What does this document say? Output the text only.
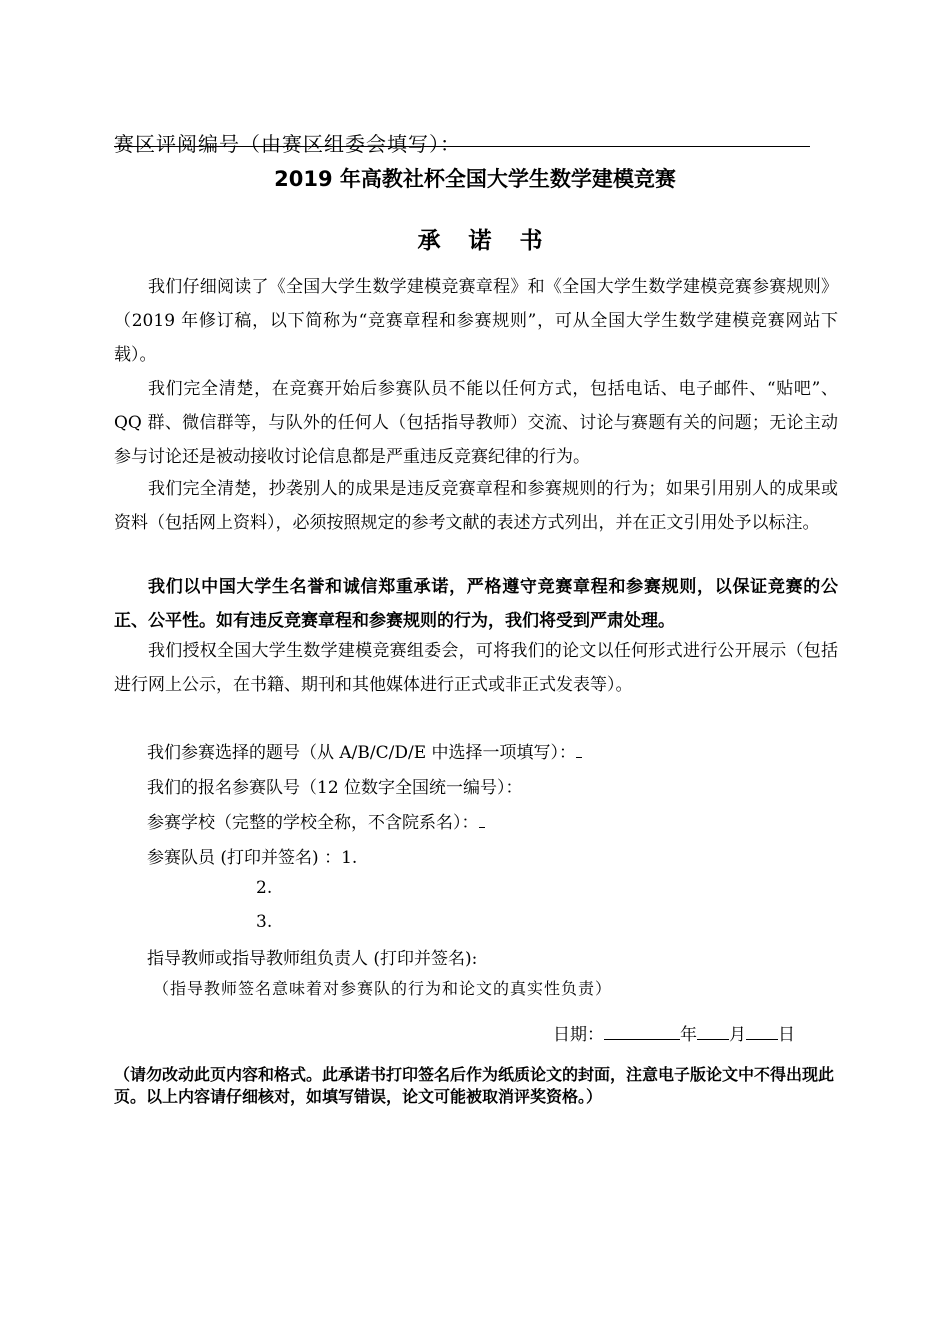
赛区评阅编号（由赛区组委会填写）：
2019 年高教社杯全国大学生数学建模竞赛
承 诺 书
我们仔细阅读了《全国大学生数学建模竞赛章程》和《全国大学生数学建模竞赛参赛规则》（2019 年修订稿，以下简称为“竞赛章程和参赛规则”，可从全国大学生数学建模竞赛网站下载）。
我们完全清楚，在竞赛开始后参赛队员不能以任何方式，包括电话、电子邮件、“贴吧”、QQ 群、微信群等，与队外的任何人（包括指导教师）交流、讨论与赛题有关的问题；无论主动参与讨论还是被动接收讨论信息都是严重违反竞赛纪律的行为。
我们完全清楚，抄袭别人的成果是违反竞赛章程和参赛规则的行为；如果引用别人的成果或资料（包括网上资料），必须按照规定的参考文献的表述方式列出，并在正文引用处予以标注。
我们以中国大学生名誉和诚信郑重承诺，严格遵守竞赛章程和参赛规则，以保证竞赛的公正、公平性。如有违反竞赛章程和参赛规则的行为，我们将受到严肃处理。
我们授权全国大学生数学建模竞赛组委会，可将我们的论文以任何形式进行公开展示（包括进行网上公示，在书籍、期刊和其他媒体进行正式或非正式发表等）。
我们参赛选择的题号（从 A/B/C/D/E 中选择一项填写）：
我们的报名参赛队号（12 位数字全国统一编号）：
参赛学校（完整的学校全称，不含院系名）：
参赛队员 (打印并签名) ：1.
2.
3.
指导教师或指导教师组负责人 (打印并签名):
（指导教师签名意味着对参赛队的行为和论文的真实性负责）
日期：	年 月 日
（请勿改动此页内容和格式。此承诺书打印签名后作为纸质论文的封面，注意电子版论文中不得出现此页。以上内容请仔细核对，如填写错误，论文可能被取消评奖资格。）
